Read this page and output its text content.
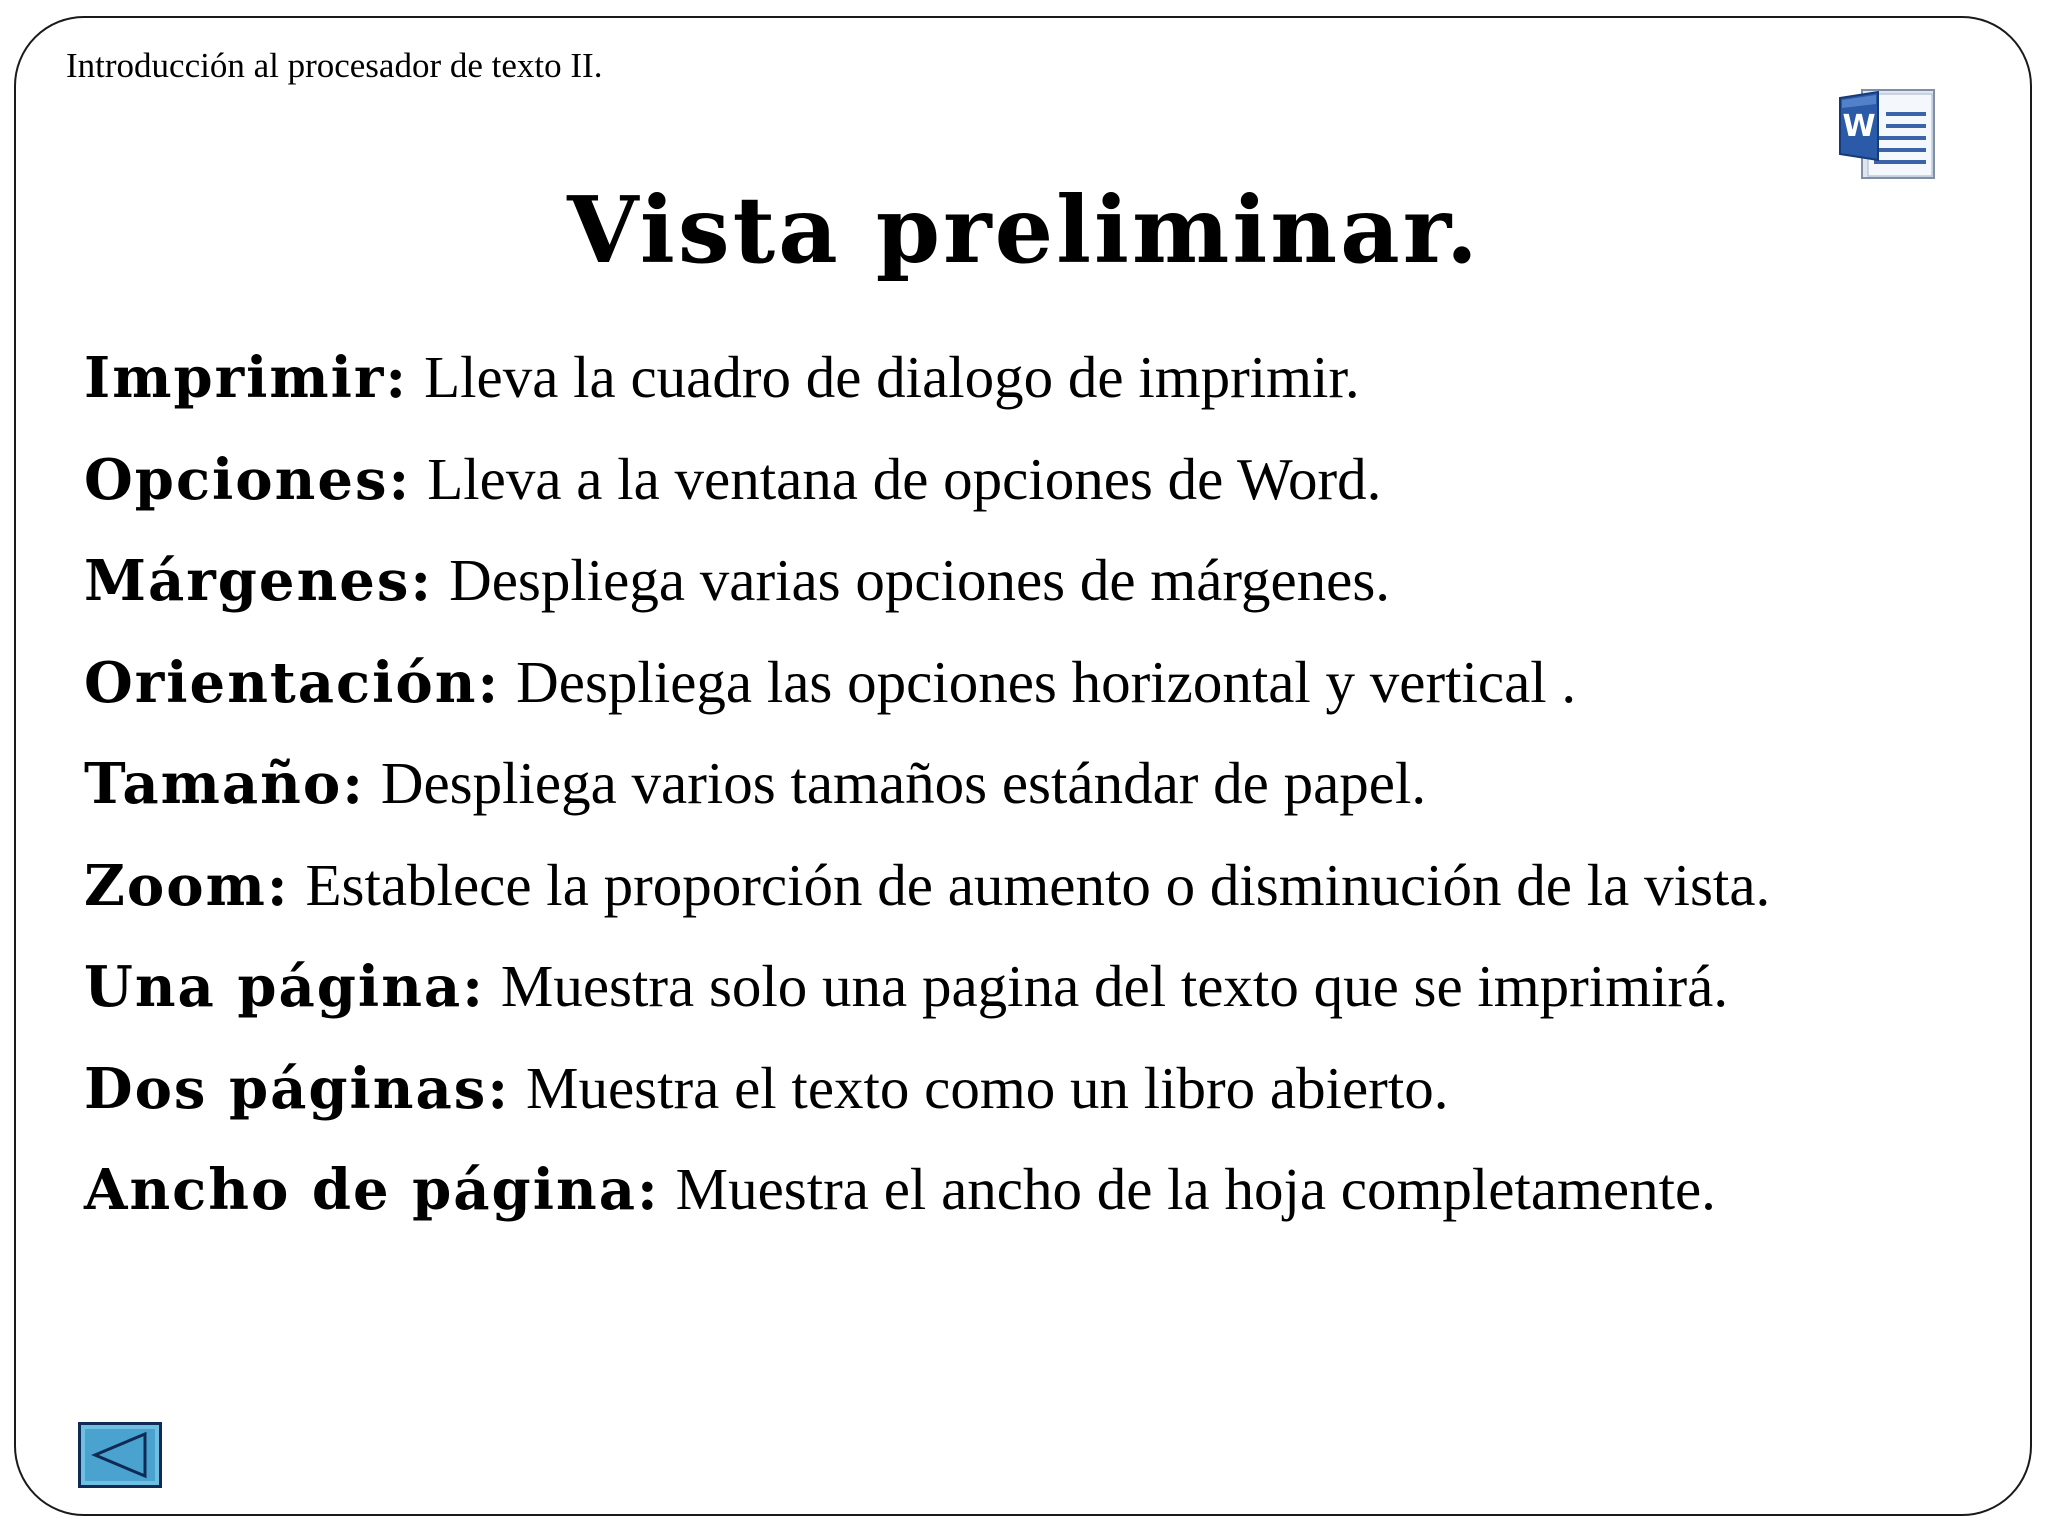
Introducción al procesador de texto II.
W
Vista preliminar.
Imprimir: Lleva la cuadro de dialogo de imprimir.
Opciones: Lleva a la ventana de opciones de Word.
Márgenes: Despliega varias opciones de márgenes.
Orientación: Despliega las opciones horizontal y vertical .
Tamaño: Despliega varios tamaños estándar de papel.
Zoom: Establece la proporción de aumento o disminución de la vista.
Una página: Muestra solo una pagina del texto que se imprimirá.
Dos páginas: Muestra el texto como un libro abierto.
Ancho de página: Muestra el ancho de la hoja completamente.
